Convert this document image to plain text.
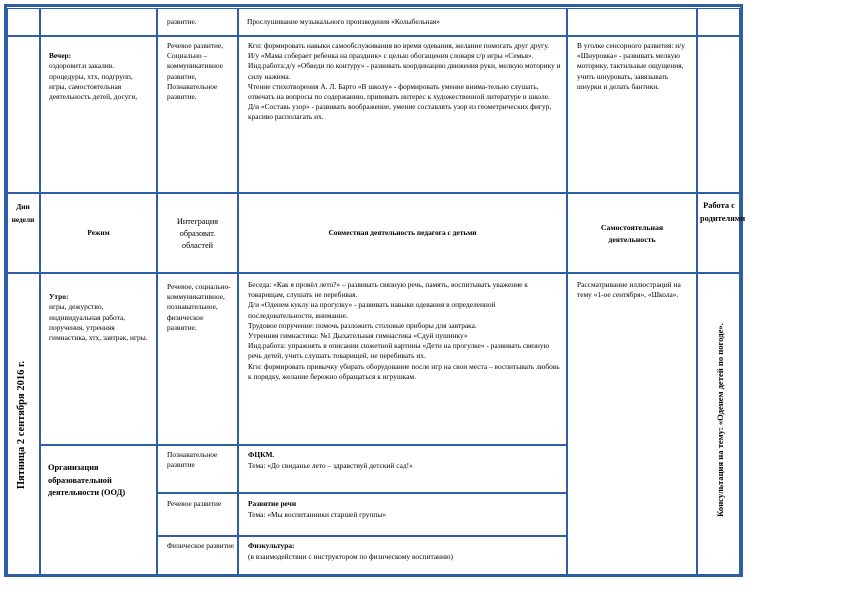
развитие.	Прослушивание музыкального произведения «Колыбельная»

Вечер:
оздоровит.и закалив. процедуры, хтх, подгрупп, игры, самостоятельная деятельность детей, досуги,

Речевое развитие, Социально – коммуникативное развитие, Познавательное развитие.
Кгн: формировать навыки самообслуживания во время одевания, желание помогать друг другу.
И/у «Мама соберает ребенка на праздник» с целью обогащения словаря с/р игры «Семья».
Инд.работа:д/у «Обведи по контуру» - развивать координацию движения руки, мелкую моторику и силу нажима.
Чтение стихотворения А. Л. Барто «В школу» - формировать умение внима-тельно слушать, отвечать на вопросы по содержанию, прививать интерес к художественной литературе и школе.
Д/и «Составь узор» - развивать воображение, умение составлять узор из геометрических фигур, красиво располагать их.
В уголке сенсорного развития: и/у «Шнуровка» - развивать мелкую моторику, тактильные ощущения, учить шнуровать, завязывать шнурки и делать бантики.
Дни недели
Режим
Интеграция образоват. областей
Совместная деятельность педагога с детьми
Самостоятельная деятельность
Работа с родителями
Пятница 2 сентября 2016 г.

Утро:
игры, дежурство, индивидуальная работа, поручения, утренняя гимнастика, хтх, завтрак, игры.

Речевое, социально-коммуникативное, познавательное, физическое развитие.
Беседа: «Как я провёл лето?» – развивать связную речь, память, воспитывать уважение к товарищам, слушать не перебивая.
Д/и «Оденем куклу на прогулку» - развивать навыки одевания в определенной последовательности, внимание.
Трудовое поручение: помочь разложить столовые приборы для завтрака.
Утренняя гимнастика: №1 Дыхательная гимнастика «Сдуй пушинку»
Инд.работа: упражнять в описании сюжетной картины «Дети на прогулке» - развивать связную речь детей, учить слушать товарищей, не перебивать их.
Кгн: формировать привычку убирать оборудование после игр на свои места – воспитывать любовь к порядку, желание бережно обращаться к игрушкам.
Рассматривание иллюстраций на тему «1-ое сентября», «Школа».
Консультация на тему: «Оденем детей по погоде».
Организация образовательной деятельности (ООД)
Познавательное развитие
ФЦКМ.
Тема: «До свиданье лето – здравствуй детский сад!»
Речевое развитие	Развитие речи
Тема: «Мы воспитанники старшей группы»
Физическое развитие Физкультура:
(в взаимодействии с инструктором по физическому воспитанию)
